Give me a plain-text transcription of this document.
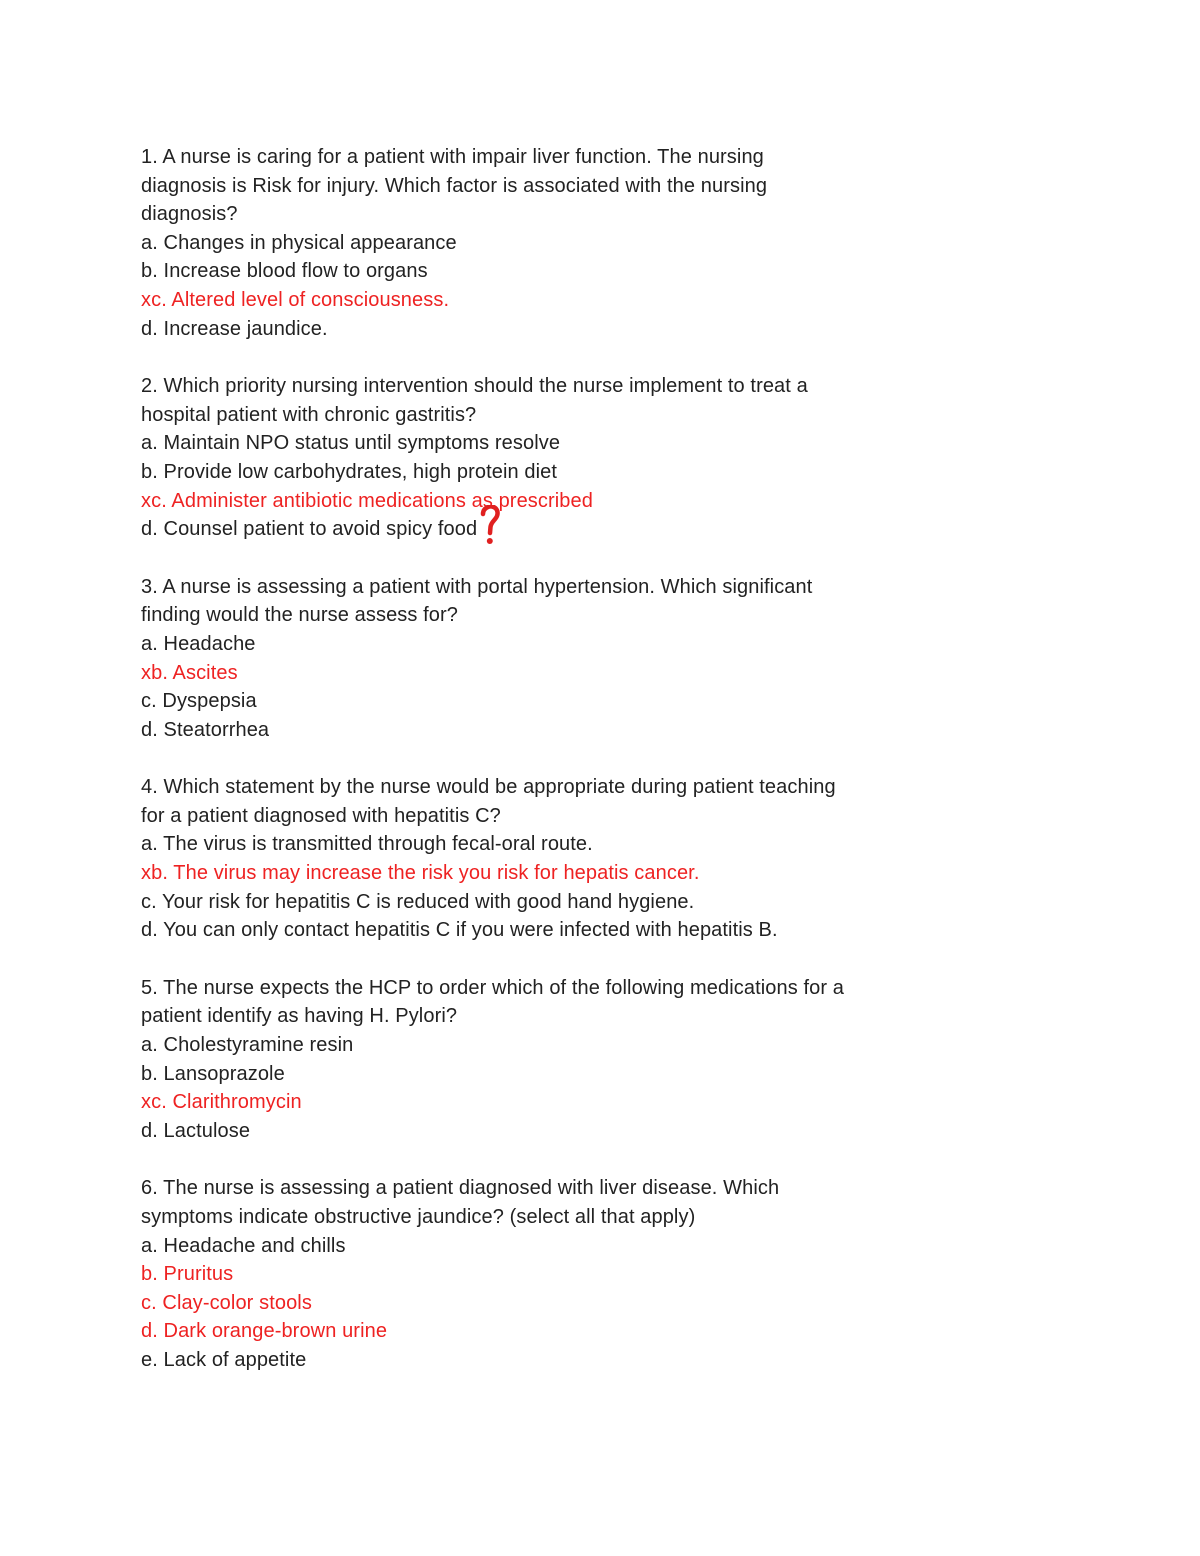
1. A nurse is caring for a patient with impair liver function. The nursing
diagnosis is Risk for injury. Which factor is associated with the nursing
diagnosis?
a. Changes in physical appearance
b. Increase blood flow to organs
xc. Altered level of consciousness.
d. Increase jaundice.
2. Which priority nursing intervention should the nurse implement to treat a
hospital patient with chronic gastritis?
a. Maintain NPO status until symptoms resolve
b. Provide low carbohydrates, high protein diet
xc. Administer antibiotic medications as prescribed
d. Counsel patient to avoid spicy food
3. A nurse is assessing a patient with portal hypertension. Which significant
finding would the nurse assess for?
a. Headache
xb. Ascites
c. Dyspepsia
d. Steatorrhea
4. Which statement by the nurse would be appropriate during patient teaching
for a patient diagnosed with hepatitis C?
a. The virus is transmitted through fecal-oral route.
xb. The virus may increase the risk you risk for hepatis cancer.
c. Your risk for hepatitis C is reduced with good hand hygiene.
d. You can only contact hepatitis C if you were infected with hepatitis B.
5. The nurse expects the HCP to order which of the following medications for a
patient identify as having H. Pylori?
a. Cholestyramine resin
b. Lansoprazole
xc. Clarithromycin
d. Lactulose
6. The nurse is assessing a patient diagnosed with liver disease. Which
symptoms indicate obstructive jaundice? (select all that apply)
a. Headache and chills
b. Pruritus
c. Clay-color stools
d. Dark orange-brown urine
e. Lack of appetite
